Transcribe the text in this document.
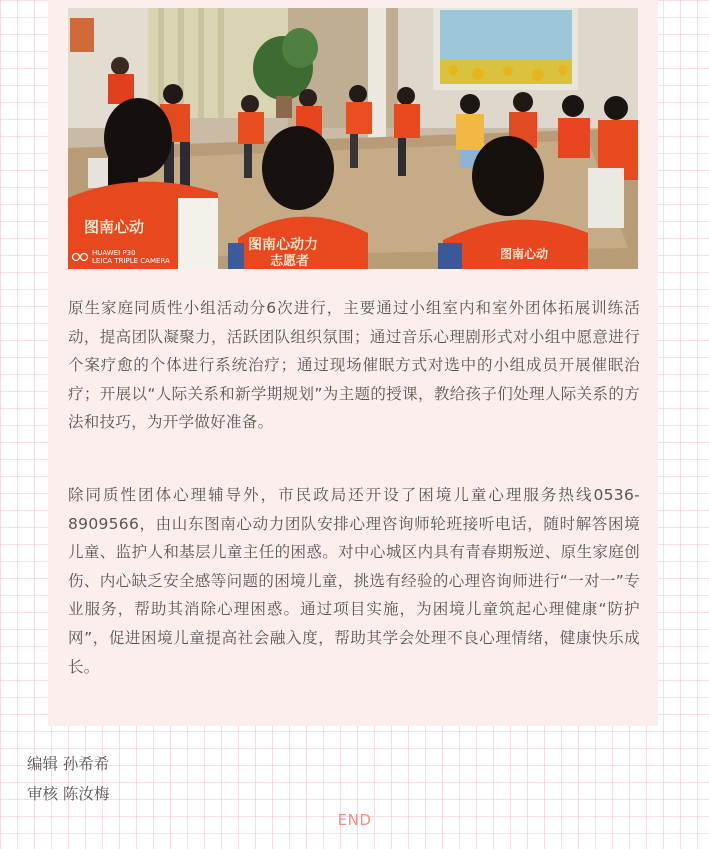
图南心动
图南心动力
志愿者	图南心动
HUAWEI P30
LEICA TRIPLE CAMERA

原生家庭同质性小组活动分6次进行，主要通过小组室内和室外团体拓展训练活动，提高团队凝聚力，活跃团队组织氛围；通过音乐心理剧形式对小组中愿意进行个案疗愈的个体进行系统治疗；通过现场催眠方式对选中的小组成员开展催眠治疗；开展以“人际关系和新学期规划”为主题的授课，教给孩子们处理人际关系的方法和技巧，为开学做好准备。

除同质性团体心理辅导外，市民政局还开设了困境儿童心理服务热线0536-8909566，由山东图南心动力团队安排心理咨询师轮班接听电话，随时解答困境儿童、监护人和基层儿童主任的困惑。对中心城区内具有青春期叛逆、原生家庭创伤、内心缺乏安全感等问题的困境儿童，挑选有经验的心理咨询师进行“一对一”专业服务，帮助其消除心理困惑。通过项目实施，为困境儿童筑起心理健康“防护网”，促进困境儿童提高社会融入度，帮助其学会处理不良心理情绪，健康快乐成长。

编辑 孙希希
审核 陈汝梅
END
